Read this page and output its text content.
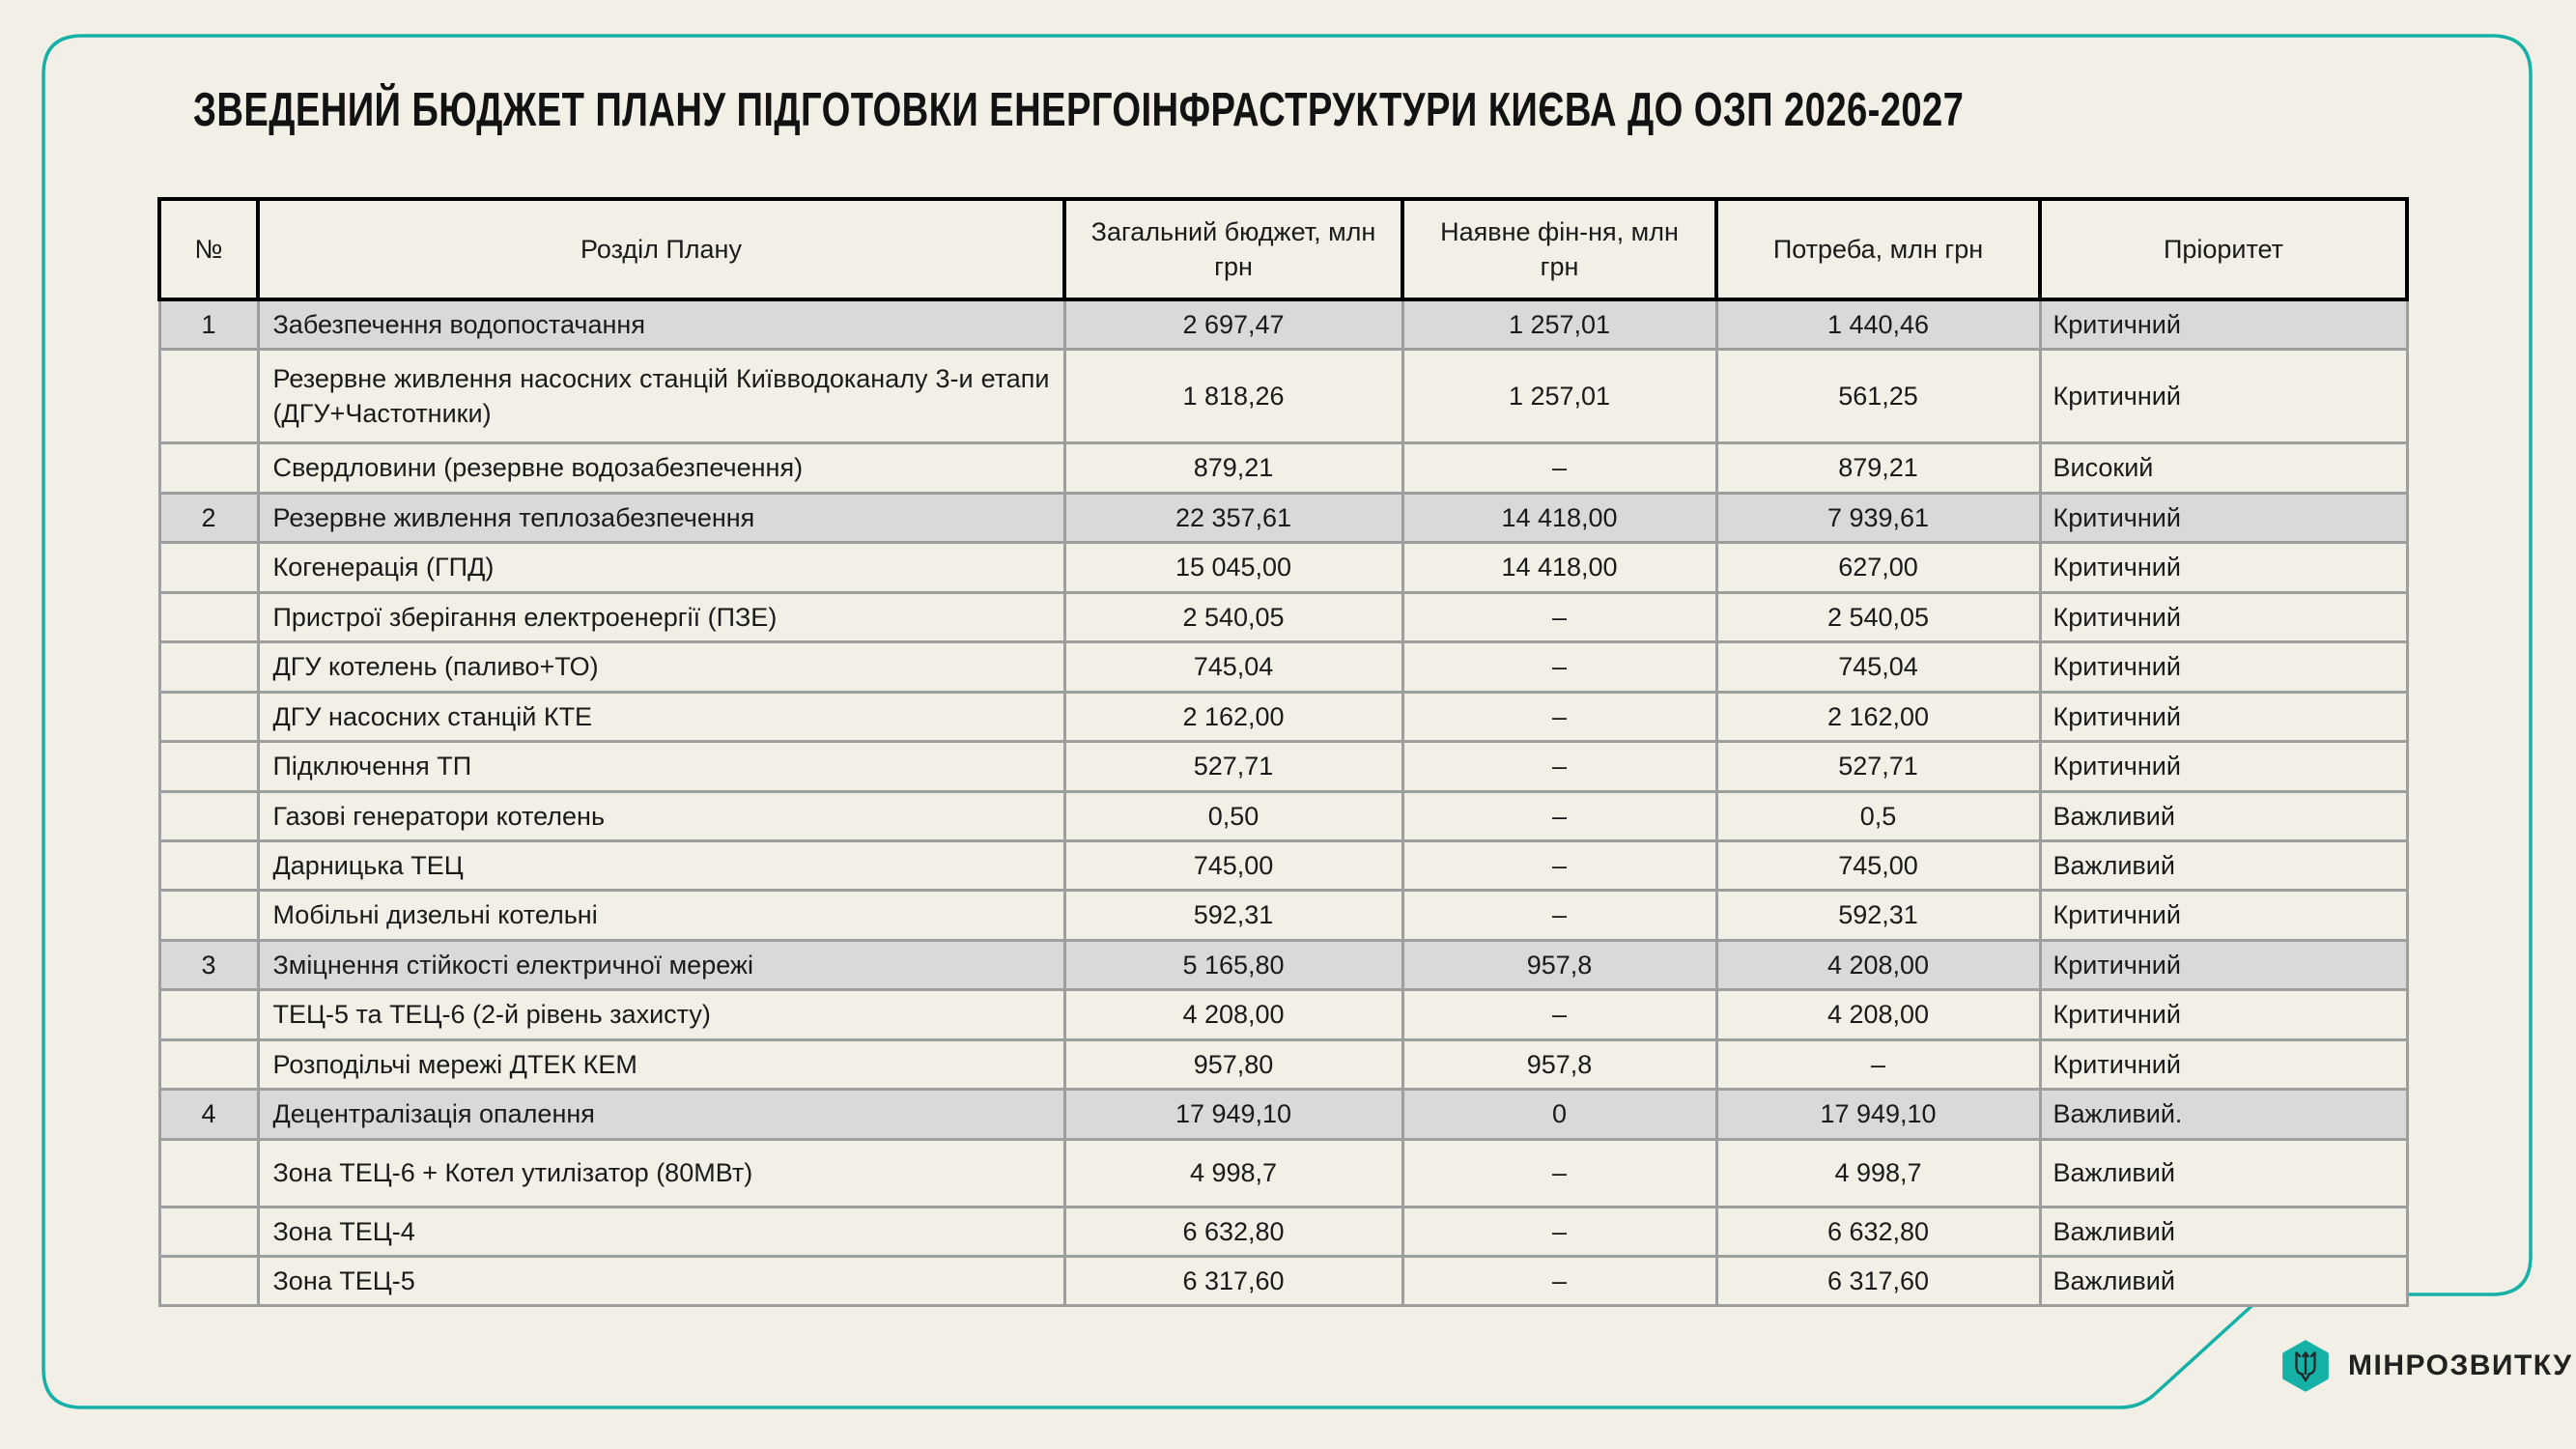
ЗВЕДЕНИЙ БЮДЖЕТ ПЛАНУ ПІДГОТОВКИ ЕНЕРГОІНФРАСТРУКТУРИ КИЄВА ДО ОЗП 2026-2027
№	Розділ Плану	Загальний бюджет, млн грн	Наявне фін-ня, млн грн	Потреба, млн грн	Пріоритет
1	Забезпечення водопостачання	2 697,47	1 257,01	1 440,46	Критичний
	Резервне живлення насосних станцій Київводоканалу 3-и етапи (ДГУ+Частотники)	1 818,26	1 257,01	561,25	Критичний
	Свердловини (резервне водозабезпечення)	879,21	–	879,21	Високий
2	Резервне живлення теплозабезпечення	22 357,61	14 418,00	7 939,61	Критичний
	Когенерація (ГПД)	15 045,00	14 418,00	627,00	Критичний
	Пристрої зберігання електроенергії (ПЗЕ)	2 540,05	–	2 540,05	Критичний
	ДГУ котелень (паливо+ТО)	745,04	–	745,04	Критичний
	ДГУ насосних станцій КТЕ	2 162,00	–	2 162,00	Критичний
	Підключення ТП	527,71	–	527,71	Критичний
	Газові генератори котелень	0,50	–	0,5	Важливий
	Дарницька ТЕЦ	745,00	–	745,00	Важливий
	Мобільні дизельні котельні	592,31	–	592,31	Критичний
3	Зміцнення стійкості електричної мережі	5 165,80	957,8	4 208,00	Критичний
	ТЕЦ-5 та ТЕЦ-6 (2-й рівень захисту)	4 208,00	–	4 208,00	Критичний
	Розподільчі мережі ДТЕК КЕМ	957,80	957,8	–	Критичний
4	Децентралізація опалення	17 949,10	0	17 949,10	Важливий.
	Зона ТЕЦ-6 + Котел утилізатор (80МВт)	4 998,7	–	4 998,7	Важливий
	Зона ТЕЦ-4	6 632,80	–	6 632,80	Важливий
	Зона ТЕЦ-5	6 317,60	–	6 317,60	Важливий
МІНРОЗВИТКУ
